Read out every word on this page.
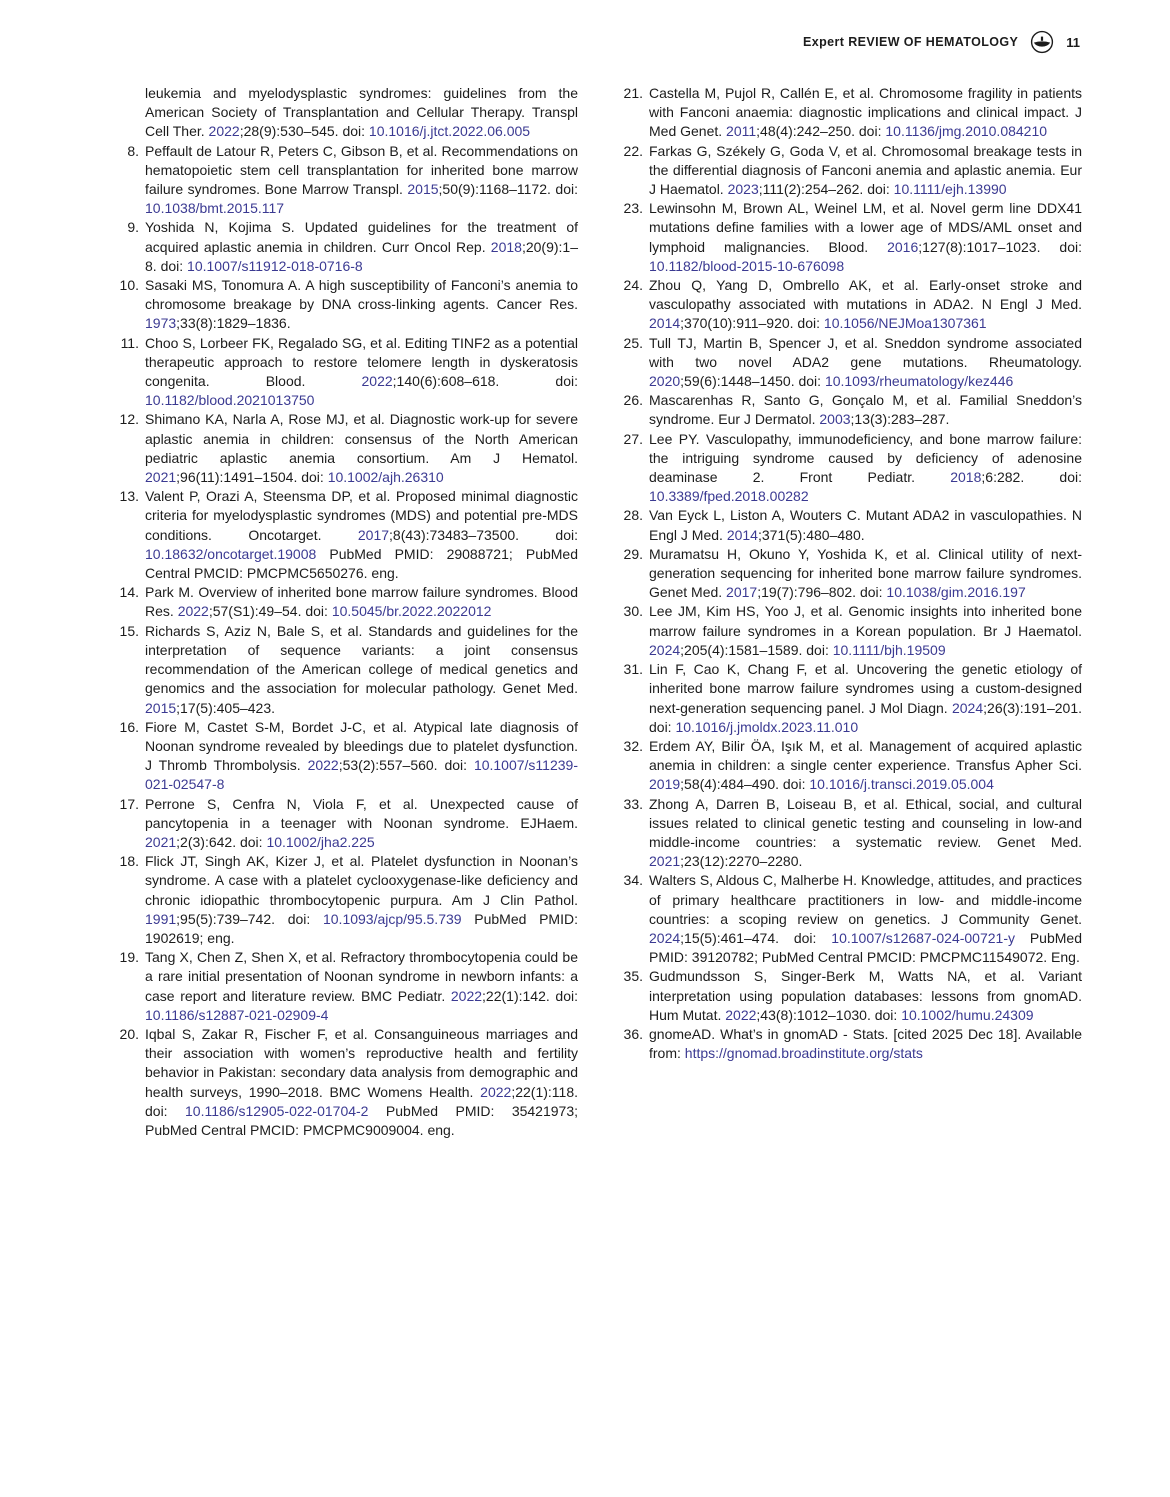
Expert REVIEW OF HEMATOLOGY	11
leukemia and myelodysplastic syndromes: guidelines from the American Society of Transplantation and Cellular Therapy. Transpl Cell Ther. 2022;28(9):530–545. doi: 10.1016/j.jtct.2022.06.005
8. Peffault de Latour R, Peters C, Gibson B, et al. Recommendations on hematopoietic stem cell transplantation for inherited bone marrow failure syndromes. Bone Marrow Transpl. 2015;50(9):1168–1172. doi: 10.1038/bmt.2015.117
9. Yoshida N, Kojima S. Updated guidelines for the treatment of acquired aplastic anemia in children. Curr Oncol Rep. 2018;20(9):1–8. doi: 10.1007/s11912-018-0716-8
10. Sasaki MS, Tonomura A. A high susceptibility of Fanconi’s anemia to chromosome breakage by DNA cross-linking agents. Cancer Res. 1973;33(8):1829–1836.
11. Choo S, Lorbeer FK, Regalado SG, et al. Editing TINF2 as a potential therapeutic approach to restore telomere length in dyskeratosis congenita. Blood. 2022;140(6):608–618. doi: 10.1182/blood.2021013750
12. Shimano KA, Narla A, Rose MJ, et al. Diagnostic work-up for severe aplastic anemia in children: consensus of the North American pediatric aplastic anemia consortium. Am J Hematol. 2021;96(11):1491–1504. doi: 10.1002/ajh.26310
13. Valent P, Orazi A, Steensma DP, et al. Proposed minimal diagnostic criteria for myelodysplastic syndromes (MDS) and potential pre-MDS conditions. Oncotarget. 2017;8(43):73483–73500. doi: 10.18632/oncotarget.19008 PubMed PMID: 29088721; PubMed Central PMCID: PMCPMC5650276. eng.
14. Park M. Overview of inherited bone marrow failure syndromes. Blood Res. 2022;57(S1):49–54. doi: 10.5045/br.2022.2022012
15. Richards S, Aziz N, Bale S, et al. Standards and guidelines for the interpretation of sequence variants: a joint consensus recommendation of the American college of medical genetics and genomics and the association for molecular pathology. Genet Med. 2015;17(5):405–423.
16. Fiore M, Castet S-M, Bordet J-C, et al. Atypical late diagnosis of Noonan syndrome revealed by bleedings due to platelet dysfunction. J Thromb Thrombolysis. 2022;53(2):557–560. doi: 10.1007/s11239-021-02547-8
17. Perrone S, Cenfra N, Viola F, et al. Unexpected cause of pancytopenia in a teenager with Noonan syndrome. EJHaem. 2021;2(3):642. doi: 10.1002/jha2.225
18. Flick JT, Singh AK, Kizer J, et al. Platelet dysfunction in Noonan’s syndrome. A case with a platelet cyclooxygenase-like deficiency and chronic idiopathic thrombocytopenic purpura. Am J Clin Pathol. 1991;95(5):739–742. doi: 10.1093/ajcp/95.5.739 PubMed PMID: 1902619; eng.
19. Tang X, Chen Z, Shen X, et al. Refractory thrombocytopenia could be a rare initial presentation of Noonan syndrome in newborn infants: a case report and literature review. BMC Pediatr. 2022;22(1):142. doi: 10.1186/s12887-021-02909-4
20. Iqbal S, Zakar R, Fischer F, et al. Consanguineous marriages and their association with women’s reproductive health and fertility behavior in Pakistan: secondary data analysis from demographic and health surveys, 1990–2018. BMC Womens Health. 2022;22(1):118. doi: 10.1186/s12905-022-01704-2 PubMed PMID: 35421973; PubMed Central PMCID: PMCPMC9009004. eng.
21. Castella M, Pujol R, Callén E, et al. Chromosome fragility in patients with Fanconi anaemia: diagnostic implications and clinical impact. J Med Genet. 2011;48(4):242–250. doi: 10.1136/jmg.2010.084210
22. Farkas G, Székely G, Goda V, et al. Chromosomal breakage tests in the differential diagnosis of Fanconi anemia and aplastic anemia. Eur J Haematol. 2023;111(2):254–262. doi: 10.1111/ejh.13990
23. Lewinsohn M, Brown AL, Weinel LM, et al. Novel germ line DDX41 mutations define families with a lower age of MDS/AML onset and lymphoid malignancies. Blood. 2016;127(8):1017–1023. doi: 10.1182/blood-2015-10-676098
24. Zhou Q, Yang D, Ombrello AK, et al. Early-onset stroke and vasculopathy associated with mutations in ADA2. N Engl J Med. 2014;370(10):911–920. doi: 10.1056/NEJMoa1307361
25. Tull TJ, Martin B, Spencer J, et al. Sneddon syndrome associated with two novel ADA2 gene mutations. Rheumatology. 2020;59(6):1448–1450. doi: 10.1093/rheumatology/kez446
26. Mascarenhas R, Santo G, Gonçalo M, et al. Familial Sneddon’s syndrome. Eur J Dermatol. 2003;13(3):283–287.
27. Lee PY. Vasculopathy, immunodeficiency, and bone marrow failure: the intriguing syndrome caused by deficiency of adenosine deaminase 2. Front Pediatr. 2018;6:282. doi: 10.3389/fped.2018.00282
28. Van Eyck L, Liston A, Wouters C. Mutant ADA2 in vasculopathies. N Engl J Med. 2014;371(5):480–480.
29. Muramatsu H, Okuno Y, Yoshida K, et al. Clinical utility of next-generation sequencing for inherited bone marrow failure syndromes. Genet Med. 2017;19(7):796–802. doi: 10.1038/gim.2016.197
30. Lee JM, Kim HS, Yoo J, et al. Genomic insights into inherited bone marrow failure syndromes in a Korean population. Br J Haematol. 2024;205(4):1581–1589. doi: 10.1111/bjh.19509
31. Lin F, Cao K, Chang F, et al. Uncovering the genetic etiology of inherited bone marrow failure syndromes using a custom-designed next-generation sequencing panel. J Mol Diagn. 2024;26(3):191–201. doi: 10.1016/j.jmoldx.2023.11.010
32. Erdem AY, Bilir ÖA, Işık M, et al. Management of acquired aplastic anemia in children: a single center experience. Transfus Apher Sci. 2019;58(4):484–490. doi: 10.1016/j.transci.2019.05.004
33. Zhong A, Darren B, Loiseau B, et al. Ethical, social, and cultural issues related to clinical genetic testing and counseling in low-and middle-income countries: a systematic review. Genet Med. 2021;23(12):2270–2280.
34. Walters S, Aldous C, Malherbe H. Knowledge, attitudes, and practices of primary healthcare practitioners in low- and middle-income countries: a scoping review on genetics. J Community Genet. 2024;15(5):461–474. doi: 10.1007/s12687-024-00721-y PubMed PMID: 39120782; PubMed Central PMCID: PMCPMC11549072. Eng.
35. Gudmundsson S, Singer-Berk M, Watts NA, et al. Variant interpretation using population databases: lessons from gnomAD. Hum Mutat. 2022;43(8):1012–1030. doi: 10.1002/humu.24309
36. gnomeAD. What’s in gnomAD - Stats. [cited 2025 Dec 18]. Available from: https://gnomad.broadinstitute.org/stats
